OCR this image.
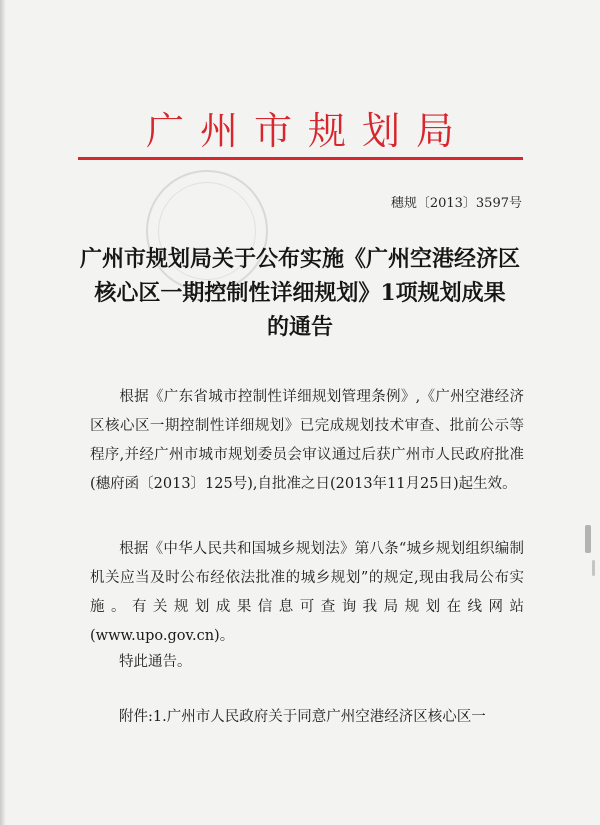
广州市规划局
穗规〔2013〕3597号
广州市规划局关于公布实施《广州空港经济区
核心区一期控制性详细规划》1项规划成果
的通告
根据《广东省城市控制性详细规划管理条例》,《广州空港经济区核心区一期控制性详细规划》已完成规划技术审查、批前公示等程序,并经广州市城市规划委员会审议通过后获广州市人民政府批准(穗府函〔2013〕125号),自批准之日(2013年11月25日)起生效。
根据《中华人民共和国城乡规划法》第八条“城乡规划组织编制机关应当及时公布经依法批准的城乡规划”的规定,现由我局公布实施。有关规划成果信息可查询我局规划在线网站(www.upo.gov.cn)。
特此通告。
附件:1.广州市人民政府关于同意广州空港经济区核心区一
